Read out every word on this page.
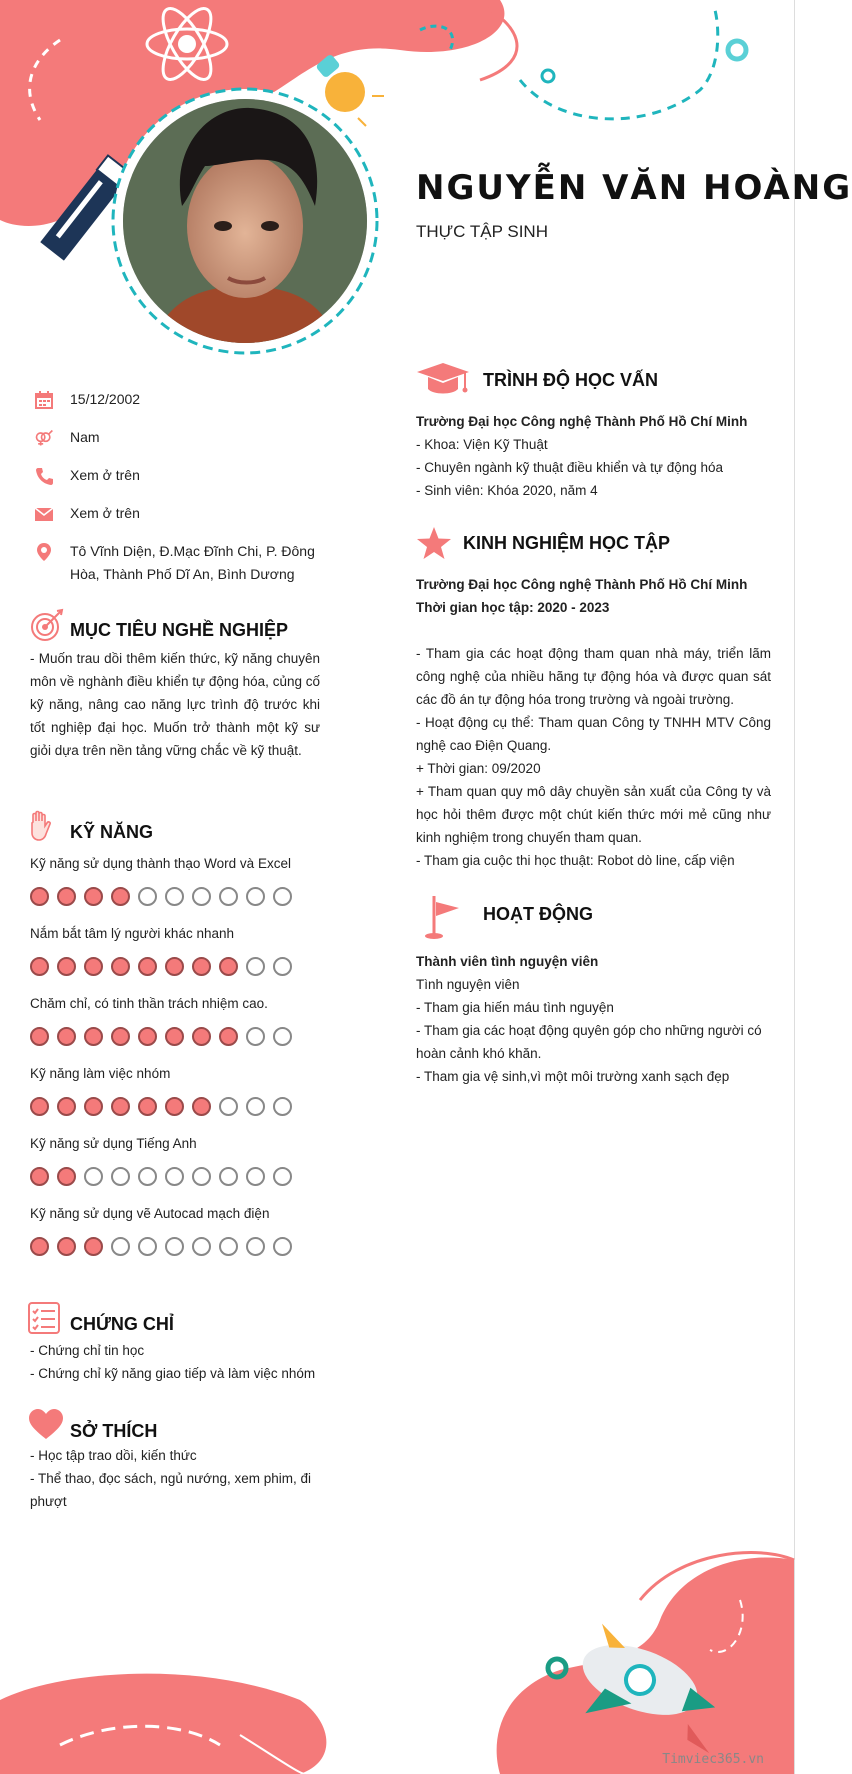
NGUYỄN VĂN HOÀNG
THỰC TẬP SINH
15/12/2002
Nam
Xem ở trên
Xem ở trên
Tô Vĩnh Diện, Đ.Mạc Đĩnh Chi, P. Đông Hòa, Thành Phố Dĩ An, Bình Dương
MỤC TIÊU NGHỀ NGHIỆP
- Muốn trau dồi thêm kiến thức, kỹ năng chuyên môn về nghành điều khiển tự động hóa, củng cố kỹ năng, nâng cao năng lực trình độ trước khi tốt nghiệp đại học. Muốn trở thành một kỹ sư giỏi dựa trên nền tảng vững chắc về kỹ thuật.
KỸ NĂNG
Kỹ năng sử dụng thành thạo Word và Excel
Nắm bắt tâm lý người khác nhanh
Chăm chỉ, có tinh thần trách nhiệm cao.
Kỹ năng làm việc nhóm
Kỹ năng sử dụng Tiếng Anh
Kỹ năng sử dụng vẽ Autocad mạch điện
CHỨNG CHỈ

- Chứng chỉ tin học

- Chứng chỉ kỹ năng giao tiếp và làm việc nhóm

SỞ THÍCH

- Học tập trao dồi, kiến thức

- Thể thao, đọc sách, ngủ nướng, xem phim, đi phượt

TRÌNH ĐỘ HỌC VẤN

Trường Đại học Công nghệ Thành Phố Hồ Chí Minh

- Khoa: Viện Kỹ Thuật

- Chuyên ngành kỹ thuật điều khiển và tự động hóa

- Sinh viên: Khóa 2020, năm 4

KINH NGHIỆM HỌC TẬP

Trường Đại học Công nghệ Thành Phố Hồ Chí Minh

Thời gian học tập: 2020 - 2023

- Tham gia các hoạt động tham quan nhà máy, triển lãm công nghệ của nhiều hãng tự động hóa và được quan sát các đồ án tự động hóa trong trường và ngoài trường.

- Hoạt động cụ thể: Tham quan Công ty TNHH MTV Công nghệ cao Điện Quang.

+ Thời gian: 09/2020

+ Tham quan quy mô dây chuyền sản xuất của Công ty và học hỏi thêm được một chút kiến thức mới mẻ cũng như kinh nghiệm trong chuyến tham quan.

- Tham gia cuộc thi học thuật: Robot dò line, cấp viện

HOẠT ĐỘNG

Thành viên tình nguyện viên

Tình nguyện viên

- Tham gia hiến máu tình nguyện

- Tham gia các hoạt động quyên góp cho những người có hoàn cảnh khó khăn.

- Tham gia vệ sinh,vì một môi trường xanh sạch đẹp

Timviec365.vn
